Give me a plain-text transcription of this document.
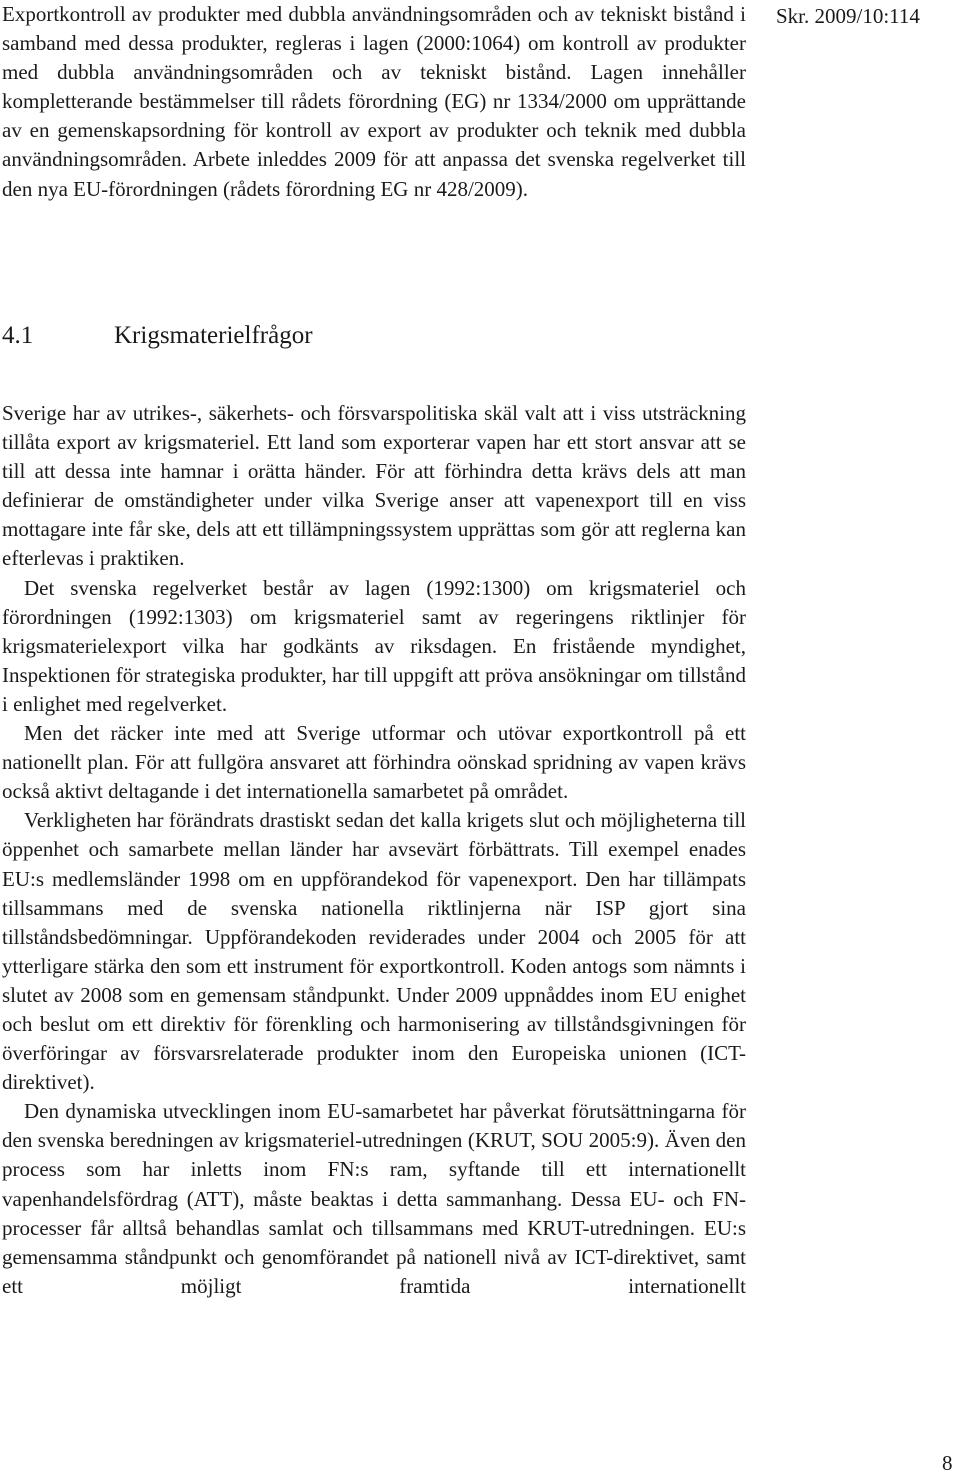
Skr. 2009/10:114

Exportkontroll av produkter med dubbla användningsområden och av tekniskt bistånd i samband med dessa produkter, regleras i lagen (2000:1064) om kontroll av produkter med dubbla användningsområden och av tekniskt bistånd. Lagen innehåller kompletterande bestämmelser till rådets förordning (EG) nr 1334/2000 om upprättande av en gemenskapsordning för kontroll av export av produkter och teknik med dubbla användningsområden. Arbete inleddes 2009 för att anpassa det svenska regelverket till den nya EU-förordningen (rådets förordning EG nr 428/2009).

4.1	Krigsmaterielfrågor

Sverige har av utrikes-, säkerhets- och försvarspolitiska skäl valt att i viss utsträckning tillåta export av krigsmateriel. Ett land som exporterar vapen har ett stort ansvar att se till att dessa inte hamnar i orätta händer. För att förhindra detta krävs dels att man definierar de omständigheter under vilka Sverige anser att vapenexport till en viss mottagare inte får ske, dels att ett tillämpningssystem upprättas som gör att reglerna kan efterlevas i praktiken.

Det svenska regelverket består av lagen (1992:1300) om krigsmateriel och förordningen (1992:1303) om krigsmateriel samt av regeringens riktlinjer för krigsmaterielexport vilka har godkänts av riksdagen. En fristående myndighet, Inspektionen för strategiska produkter, har till uppgift att pröva ansökningar om tillstånd i enlighet med regelverket.

Men det räcker inte med att Sverige utformar och utövar exportkontroll på ett nationellt plan. För att fullgöra ansvaret att förhindra oönskad spridning av vapen krävs också aktivt deltagande i det internationella samarbetet på området.

Verkligheten har förändrats drastiskt sedan det kalla krigets slut och möjligheterna till öppenhet och samarbete mellan länder har avsevärt förbättrats. Till exempel enades EU:s medlemsländer 1998 om en uppförandekod för vapenexport. Den har tillämpats tillsammans med de svenska nationella riktlinjerna när ISP gjort sina tillståndsbedömningar. Uppförandekoden reviderades under 2004 och 2005 för att ytterligare stärka den som ett instrument för exportkontroll. Koden antogs som nämnts i slutet av 2008 som en gemensam ståndpunkt. Under 2009 uppnåddes inom EU enighet och beslut om ett direktiv för förenkling och harmonisering av tillståndsgivningen för överföringar av försvarsrelaterade produkter inom den Europeiska unionen (ICT-direktivet).

Den dynamiska utvecklingen inom EU-samarbetet har påverkat förutsättningarna för den svenska beredningen av krigsmateriel-utredningen (KRUT, SOU 2005:9). Även den process som har inletts inom FN:s ram, syftande till ett internationellt vapenhandelsfördrag (ATT), måste beaktas i detta sammanhang. Dessa EU- och FN-processer får alltså behandlas samlat och tillsammans med KRUT-utredningen. EU:s gemensamma ståndpunkt och genomförandet på nationell nivå av ICT-direktivet, samt ett möjligt framtida internationellt

8
